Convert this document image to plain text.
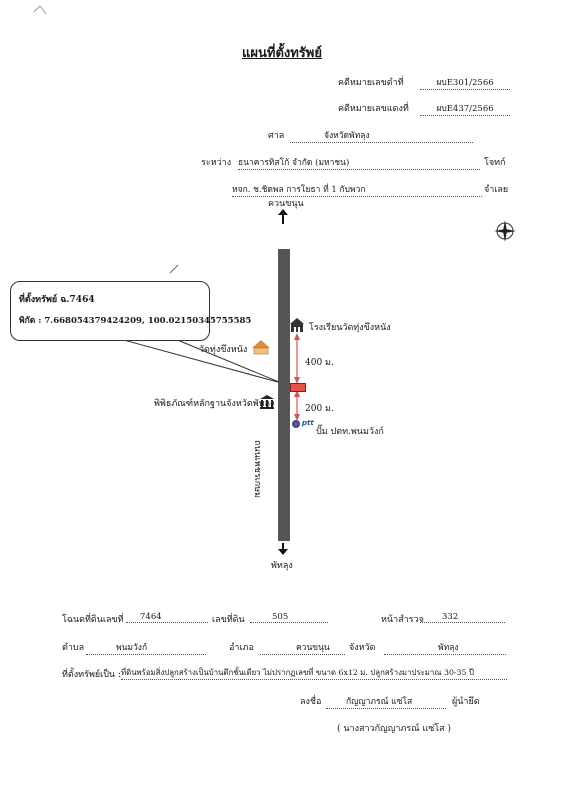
แผนที่ตั้งทรัพย์
คดีหมายเลขดำที่	ผบE301/2566
คดีหมายเลขแดงที่	ผบE437/2566
ศาล	จังหวัดพัทลุง
ระหว่าง ธนาคารทิสโก้ จำกัด (มหาชน)	โจทก์
หจก. ช.ชิดพล การโยธา ที่ 1 กับพวก	จำเลย
ถนนเพชรเกษม
ควนขนุน
พัทลุง
โรงเรียนวัดทุ่งขึงหนัง
วัดทุ่งขึงหนัง
พิพิธภัณฑ์หลักฐานจังหวัดพัทลุง
ptt
ปั๊ม ปตท.พนมวังก์
400 ม.
200 ม.
ที่ตั้งทรัพย์ ฉ.7464
พิกัด : 7.668054379424209, 100.02150345755585
โฉนดที่ดินเลขที่	7464	เลขที่ดิน	505	หน้าสำรวจ	332
ตำบล	พนมวังก์	อำเภอ	ควนขนุน	จังหวัด	พัทลุง
ที่ตั้งทรัพย์เป็น : ที่ดินพร้อมสิ่งปลูกสร้างเป็นบ้านตึกชั้นเดียว ไม่ปรากฏเลขที่ ขนาด 6x12 ม. ปลูกสร้างมาประมาณ 30-35 ปี
ลงชื่อ	กัญญาภรณ์ แซ่โส	ผู้นำยึด
( นางสาวกัญญาภรณ์ แซ่โส )
